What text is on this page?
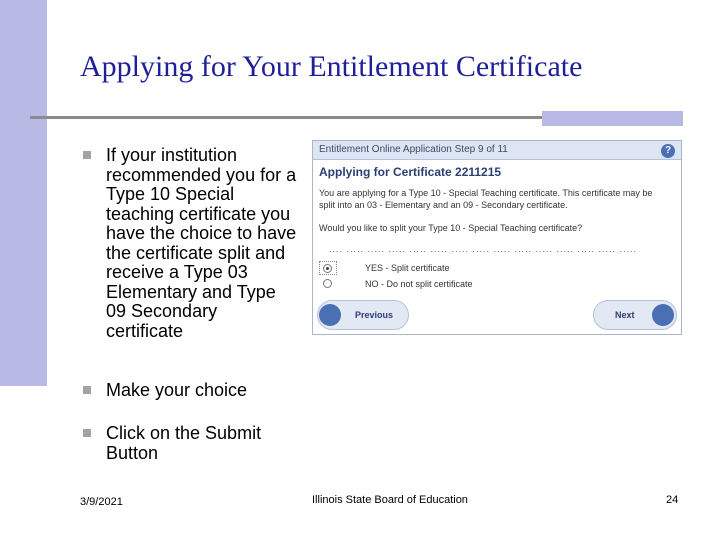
Applying for Your Entitlement Certificate
If your institution recommended you for a Type 10 Special teaching certificate you have the choice to have the certificate split and receive a Type 03 Elementary and Type 09 Secondary certificate
Make your choice
Click on the Submit Button
Entitlement Online Application Step 9 of 11	?
Applying for Certificate 2211215
You are applying for a Type 10 - Special Teaching certificate. This certificate may be
split into an 03 - Elementary and an 09 - Secondary certificate.
Would you like to split your Type 10 - Special Teaching certificate?
.... ..... ..... ..... ..... ..... ..... ..... ..... ..... ..... ..... ..... ..... .....
YES - Split certificate
NO - Do not split certificate
Previous	Next
3/9/2021	Illinois State Board of Education	24
